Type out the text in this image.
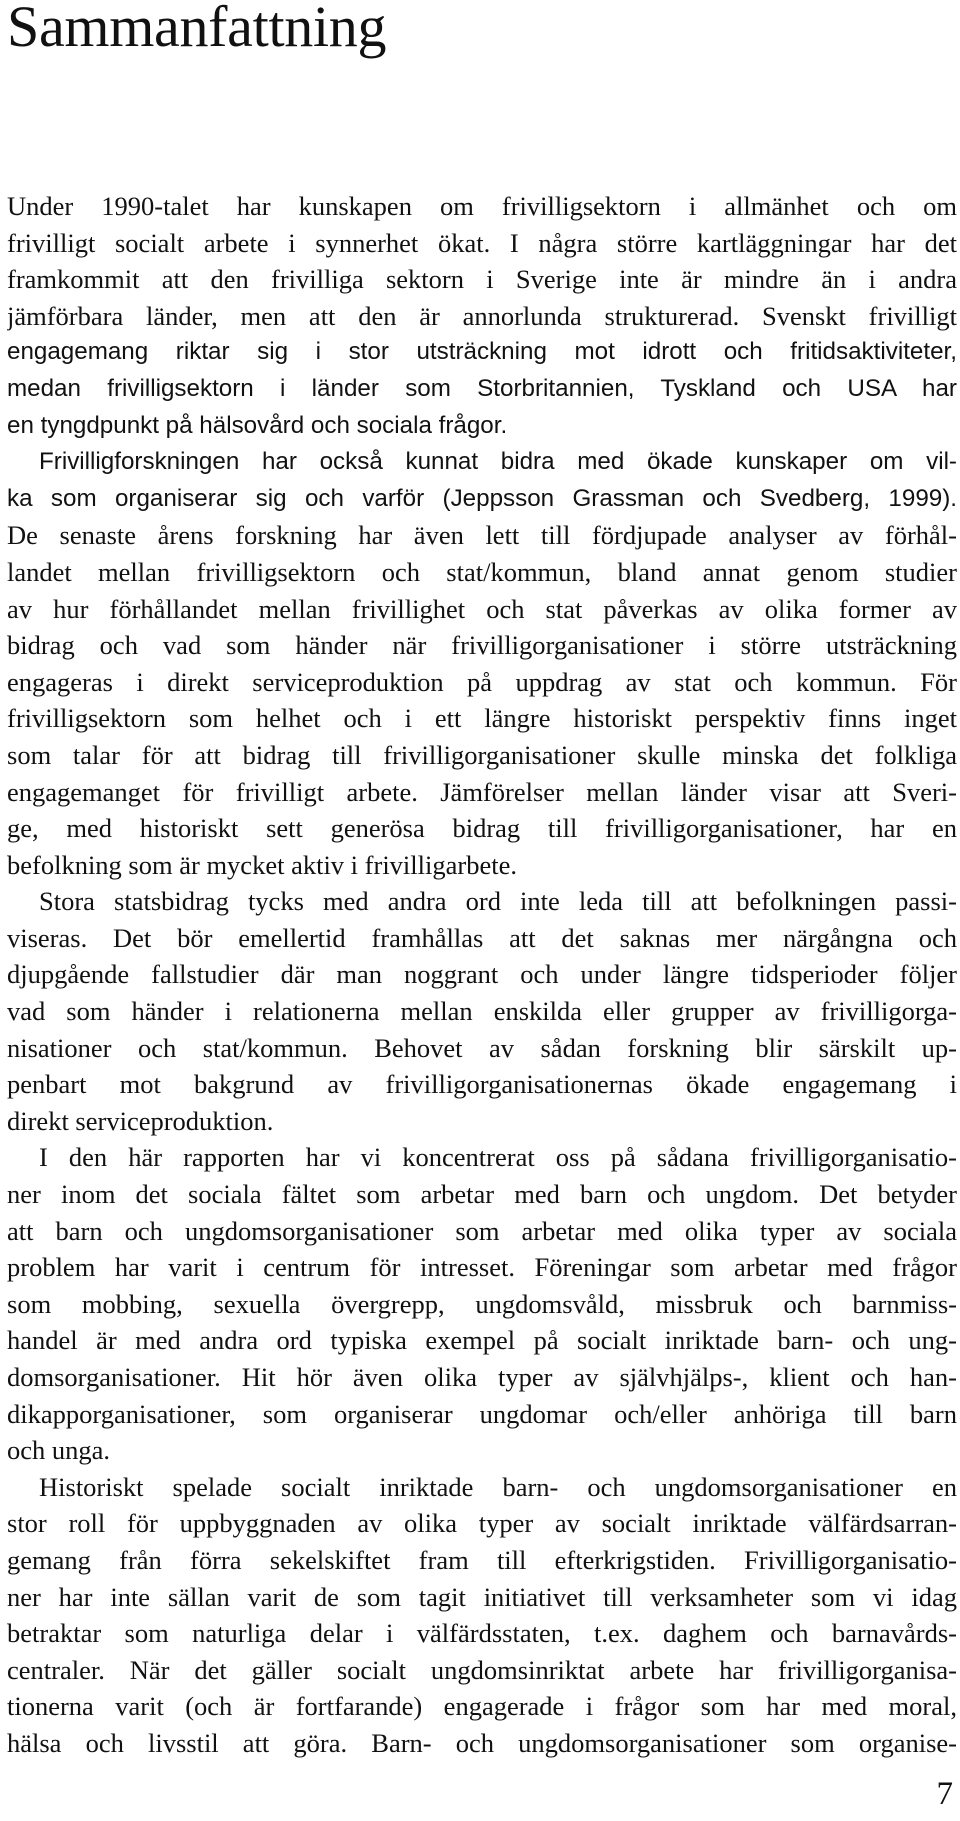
Sammanfattning

Under 1990-talet har kunskapen om frivilligsektorn i allmänhet och om
frivilligt socialt arbete i synnerhet ökat. I några större kartläggningar har det
framkommit att den frivilliga sektorn i Sverige inte är mindre än i andra
jämförbara länder, men att den är annorlunda strukturerad. Svenskt frivilligt
engagemang riktar sig i stor utsträckning mot idrott och fritidsaktiviteter,
medan frivilligsektorn i länder som Storbritannien, Tyskland och USA har
en tyngdpunkt på hälsovård och sociala frågor.

Frivilligforskningen har också kunnat bidra med ökade kunskaper om vil-
ka som organiserar sig och varför (Jeppsson Grassman och Svedberg, 1999).
De senaste årens forskning har även lett till fördjupade analyser av förhål-
landet mellan frivilligsektorn och stat/kommun, bland annat genom studier
av hur förhållandet mellan frivillighet och stat påverkas av olika former av
bidrag och vad som händer när frivilligorganisationer i större utsträckning
engageras i direkt serviceproduktion på uppdrag av stat och kommun. För
frivilligsektorn som helhet och i ett längre historiskt perspektiv finns inget
som talar för att bidrag till frivilligorganisationer skulle minska det folkliga
engagemanget för frivilligt arbete. Jämförelser mellan länder visar att Sveri-
ge, med historiskt sett generösa bidrag till frivilligorganisationer, har en
befolkning som är mycket aktiv i frivilligarbete.

Stora statsbidrag tycks med andra ord inte leda till att befolkningen passi-
viseras. Det bör emellertid framhållas att det saknas mer närgångna och
djupgående fallstudier där man noggrant och under längre tidsperioder följer
vad som händer i relationerna mellan enskilda eller grupper av frivilligorga-
nisationer och stat/kommun. Behovet av sådan forskning blir särskilt up-
penbart mot bakgrund av frivilligorganisationernas ökade engagemang i
direkt serviceproduktion.

I den här rapporten har vi koncentrerat oss på sådana frivilligorganisatio-
ner inom det sociala fältet som arbetar med barn och ungdom. Det betyder
att barn och ungdomsorganisationer som arbetar med olika typer av sociala
problem har varit i centrum för intresset. Föreningar som arbetar med frågor
som mobbing, sexuella övergrepp, ungdomsvåld, missbruk och barnmiss-
handel är med andra ord typiska exempel på socialt inriktade barn- och ung-
domsorganisationer. Hit hör även olika typer av självhjälps-, klient och han-
dikapporganisationer, som organiserar ungdomar och/eller anhöriga till barn
och unga.

Historiskt spelade socialt inriktade barn- och ungdomsorganisationer en
stor roll för uppbyggnaden av olika typer av socialt inriktade välfärdsarran-
gemang från förra sekelskiftet fram till efterkrigstiden. Frivilligorganisatio-
ner har inte sällan varit de som tagit initiativet till verksamheter som vi idag
betraktar som naturliga delar i välfärdsstaten, t.ex. daghem och barnavårds-
centraler. När det gäller socialt ungdomsinriktat arbete har frivilligorganisa-
tionerna varit (och är fortfarande) engagerade i frågor som har med moral,
hälsa och livsstil att göra. Barn- och ungdomsorganisationer som organise-

7
